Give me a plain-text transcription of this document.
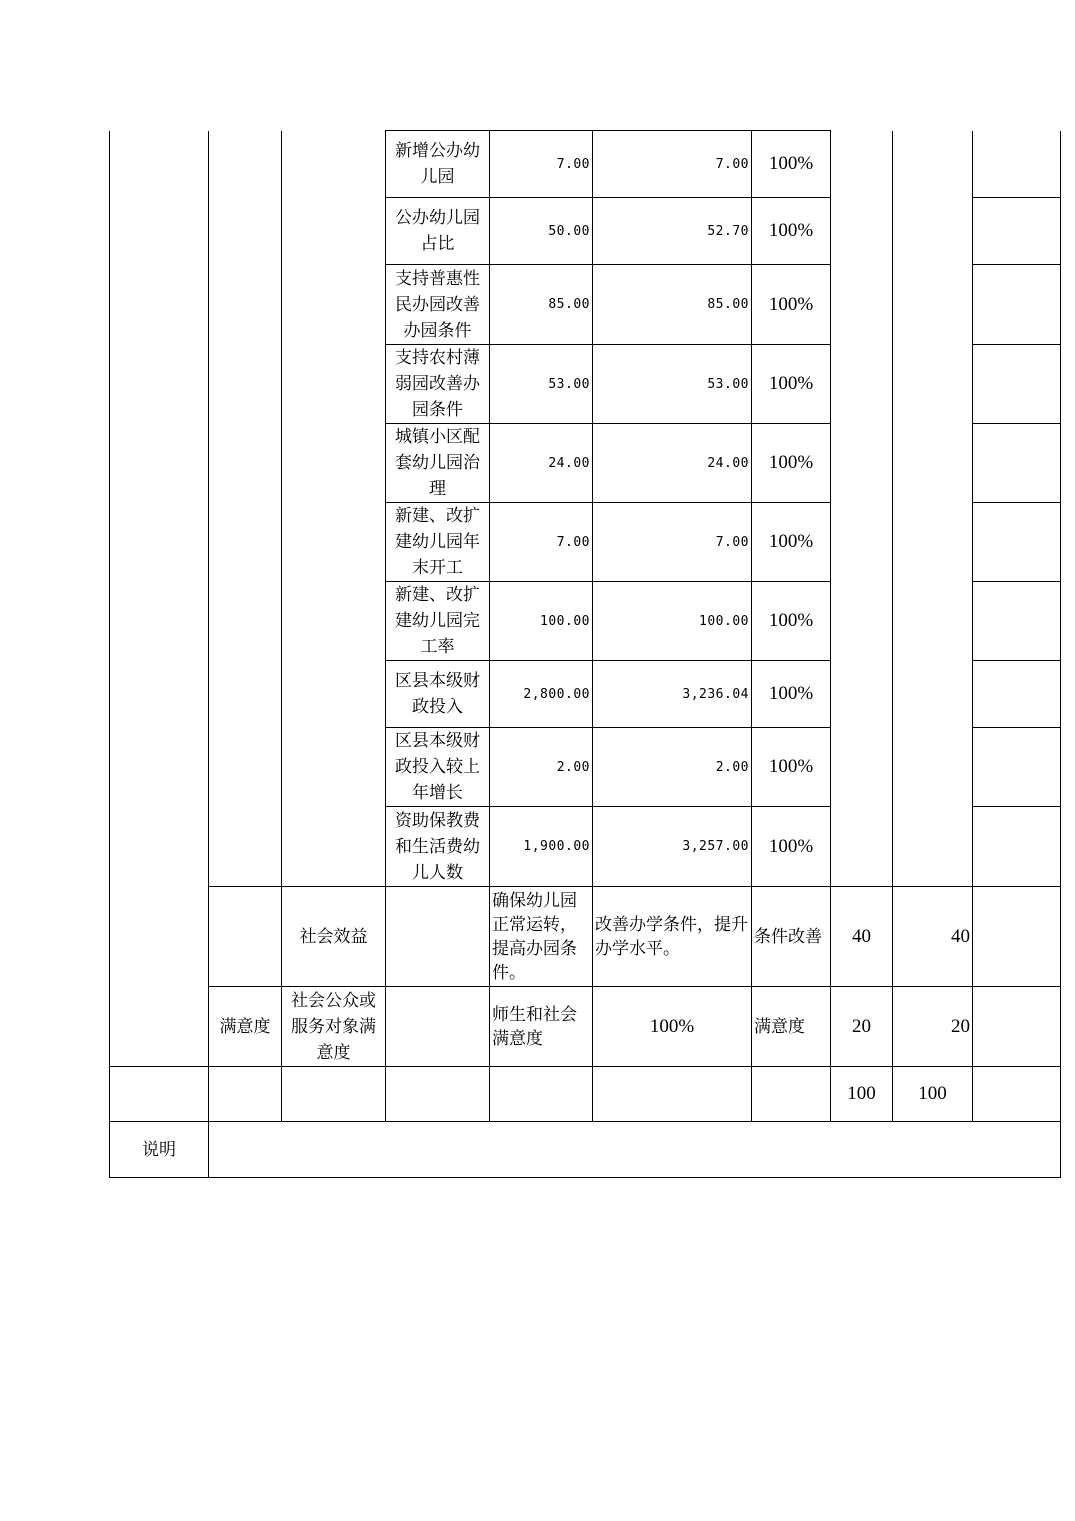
			新增公办幼儿园	7.00	7.00	100%			
			公办幼儿园占比	50.00	52.70	100%			
			支持普惠性民办园改善办园条件	85.00	85.00	100%			
			支持农村薄弱园改善办园条件	53.00	53.00	100%			
			城镇小区配套幼儿园治理	24.00	24.00	100%			
			新建、改扩建幼儿园年末开工	7.00	7.00	100%			
			新建、改扩建幼儿园完工率	100.00	100.00	100%			
			区县本级财政投入	2,800.00	3,236.04	100%			
			区县本级财政投入较上年增长	2.00	2.00	100%			
			资助保教费和生活费幼儿人数	1,900.00	3,257.00	100%			
		社会效益		确保幼儿园正常运转，提高办园条件。	改善办学条件，提升办学水平。	条件改善	40	40	
	满意度	社会公众或服务对象满意度		师生和社会满意度	100%	满意度	20	20	
							100	100	
说明									
